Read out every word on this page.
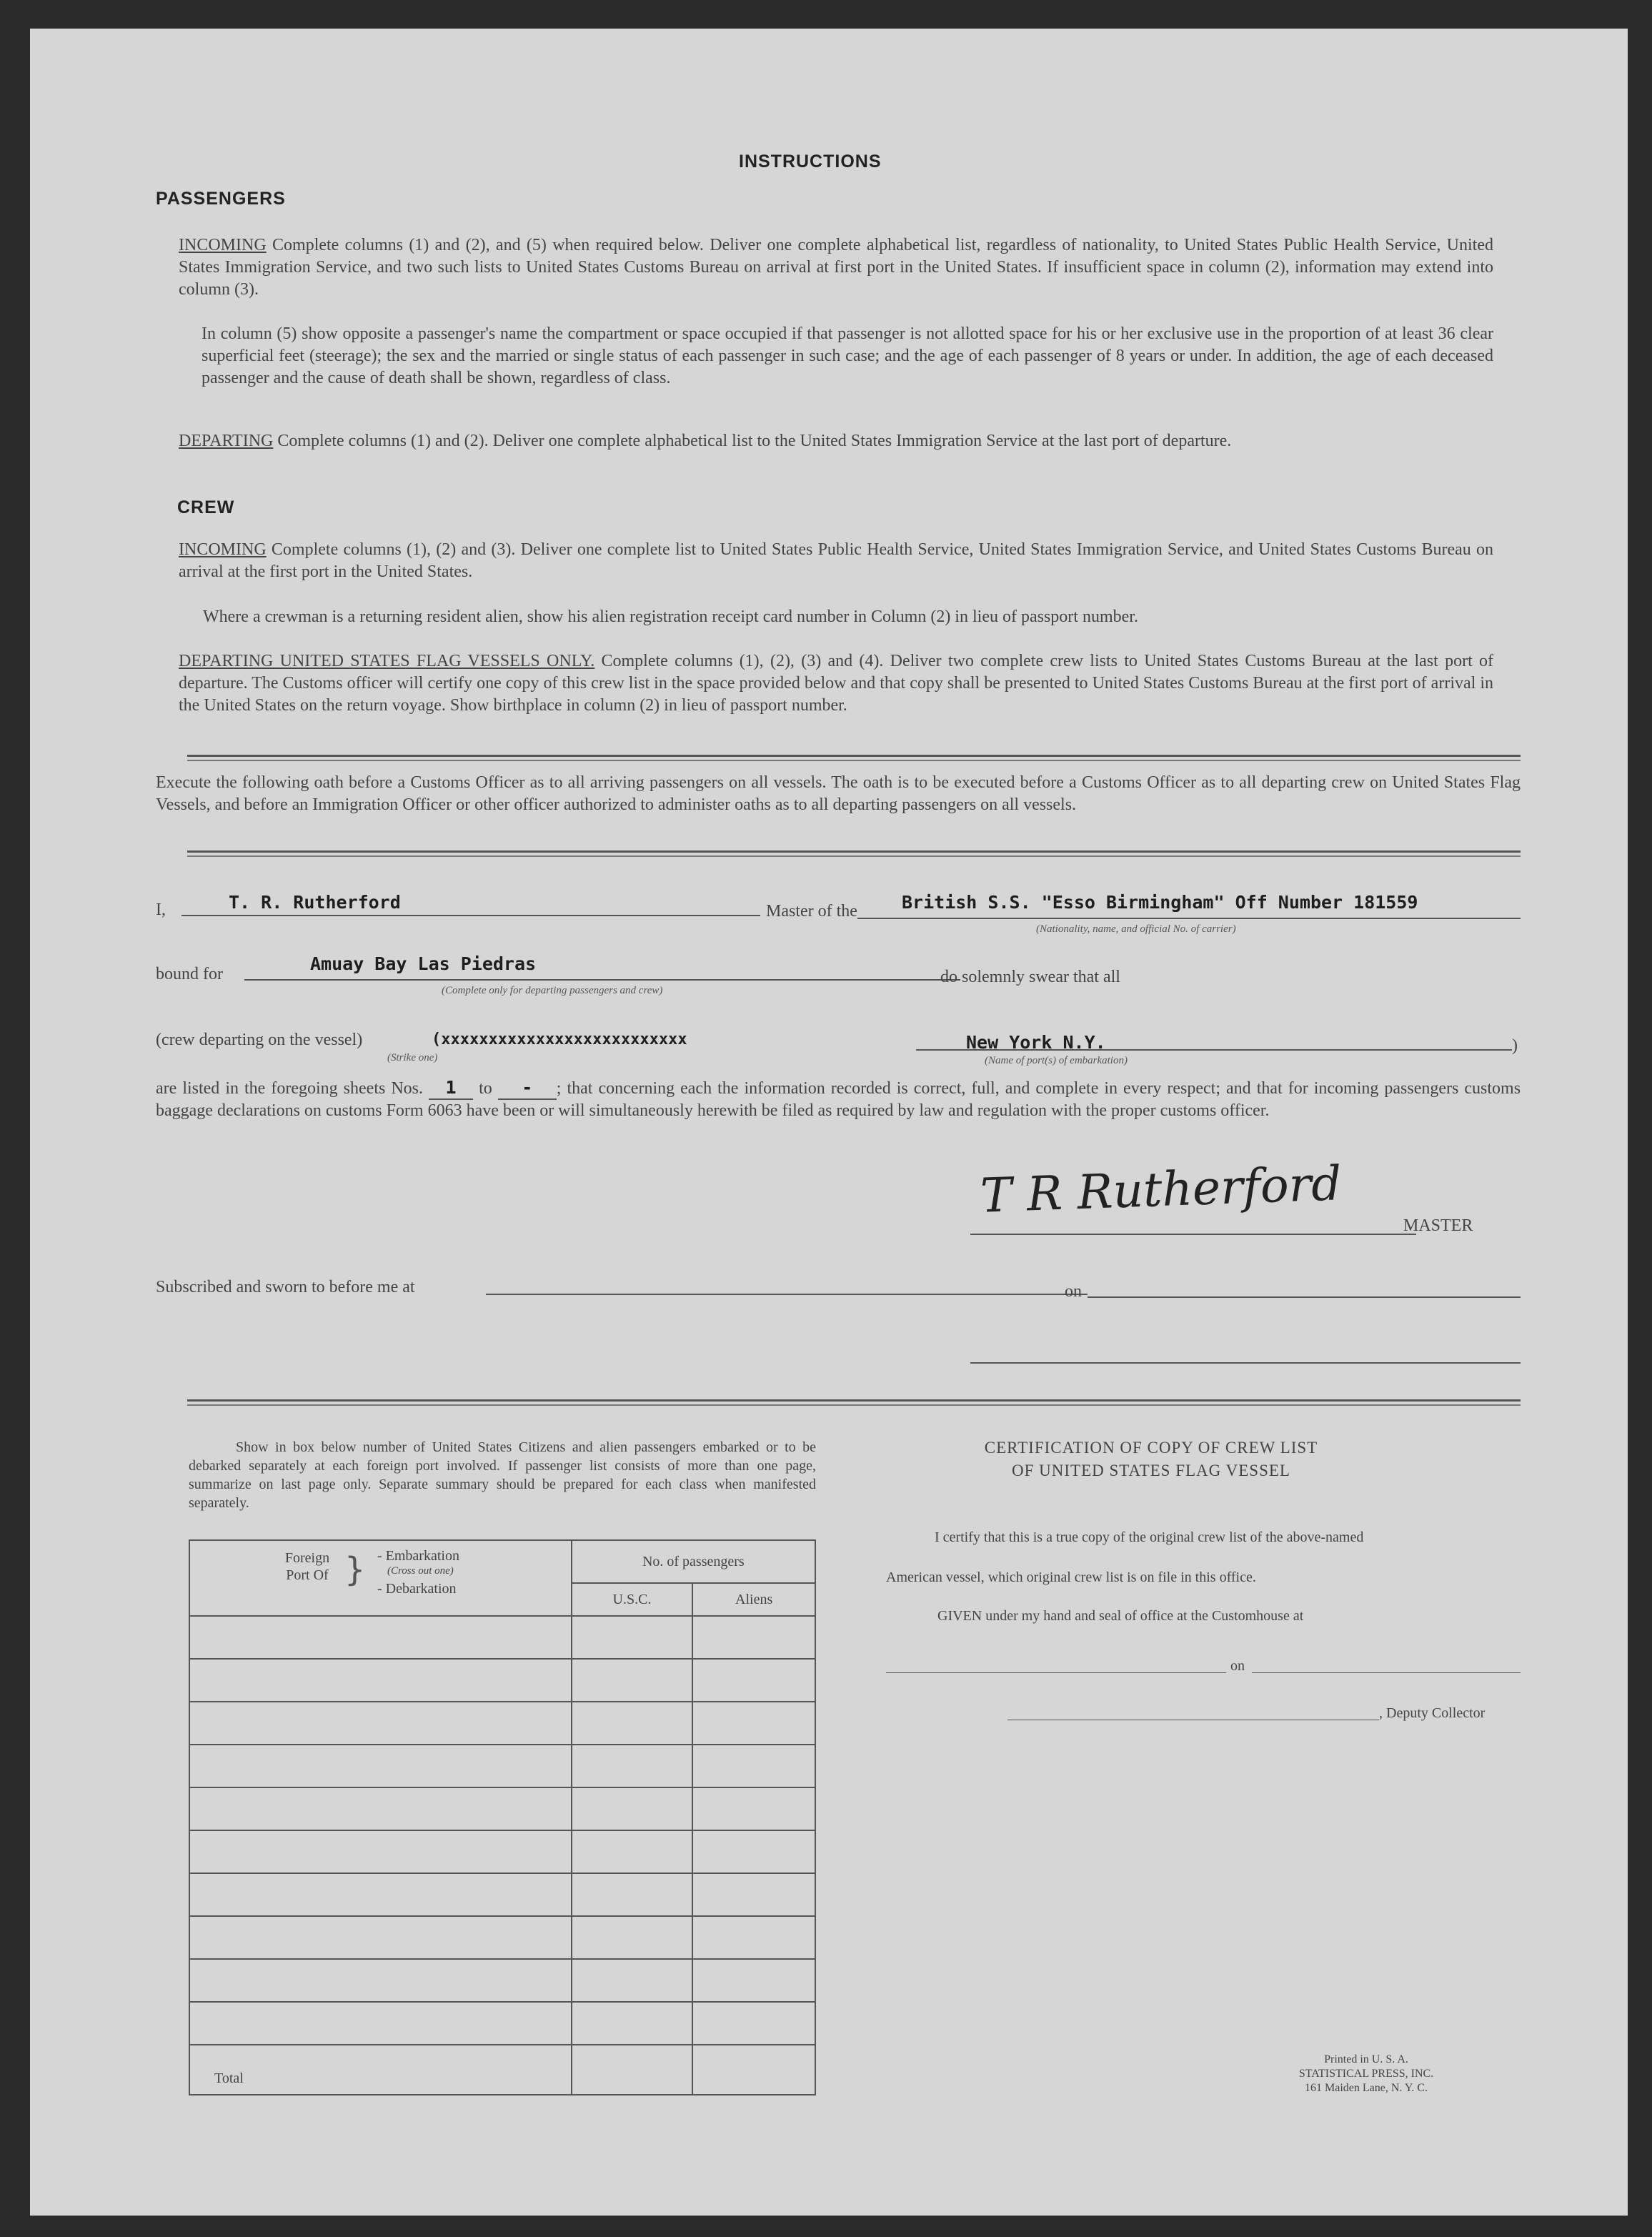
INSTRUCTIONS
PASSENGERS
INCOMING Complete columns (1) and (2), and (5) when required below. Deliver one complete alphabetical list, regardless of nationality, to United States Public Health Service, United States Immigration Service, and two such lists to United States Customs Bureau on arrival at first port in the United States. If insufficient space in column (2), information may extend into column (3).
In column (5) show opposite a passenger's name the compartment or space occupied if that passenger is not allotted space for his or her exclusive use in the proportion of at least 36 clear superficial feet (steerage); the sex and the married or single status of each passenger in such case; and the age of each passenger of 8 years or under. In addition, the age of each deceased passenger and the cause of death shall be shown, regardless of class.
DEPARTING Complete columns (1) and (2). Deliver one complete alphabetical list to the United States Immigration Service at the last port of departure.
CREW
INCOMING Complete columns (1), (2) and (3). Deliver one complete list to United States Public Health Service, United States Immigration Service, and United States Customs Bureau on arrival at the first port in the United States.
Where a crewman is a returning resident alien, show his alien registration receipt card number in Column (2) in lieu of passport number.
DEPARTING UNITED STATES FLAG VESSELS ONLY. Complete columns (1), (2), (3) and (4). Deliver two complete crew lists to United States Customs Bureau at the last port of departure. The Customs officer will certify one copy of this crew list in the space provided below and that copy shall be presented to United States Customs Bureau at the first port of arrival in the United States on the return voyage. Show birthplace in column (2) in lieu of passport number.
Execute the following oath before a Customs Officer as to all arriving passengers on all vessels. The oath is to be executed before a Customs Officer as to all departing crew on United States Flag Vessels, and before an Immigration Officer or other officer authorized to administer oaths as to all departing passengers on all vessels.
I,	T. R. Rutherford	Master of the British S.S. "Esso Birmingham" Off Number 181559
(Nationality, name, and official No. of carrier)
bound for	Amuay Bay Las Piedras
(Complete only for departing passengers and crew)
do solemnly swear that all
(crew departing on the vessel)	(xxxxxxxxxxxxxxxxxxxxxxxxxx
(Strike one)
New York N.Y.
(Name of port(s) of embarkation)
)
are listed in the foregoing sheets Nos. 1 to - ; that concerning each the information recorded is correct, full, and complete in every respect; and that for incoming passengers customs baggage declarations on customs Form 6063 have been or will simultaneously herewith be filed as required by law and regulation with the proper customs officer.
T R Rutherford
MASTER
Subscribed and sworn to before me at	on
Show in box below number of United States Citizens and alien passengers embarked or to be debarked separately at each foreign port involved. If passenger list consists of more than one page, summarize on last page only. Separate summary should be prepared for each class when manifested separately.
Foreign Port Of } - Embarkation
(Cross out one)
- Debarkation	No. of passengers	
	U.S.C.	Aliens

Total		
CERTIFICATION OF COPY OF CREW LIST
OF UNITED STATES FLAG VESSEL
I certify that this is a true copy of the original crew list of the above-named
American vessel, which original crew list is on file in this office.
GIVEN under my hand and seal of office at the Customhouse at
on
, Deputy Collector
Printed in U. S. A.
STATISTICAL PRESS, INC.
161 Maiden Lane, N. Y. C.
